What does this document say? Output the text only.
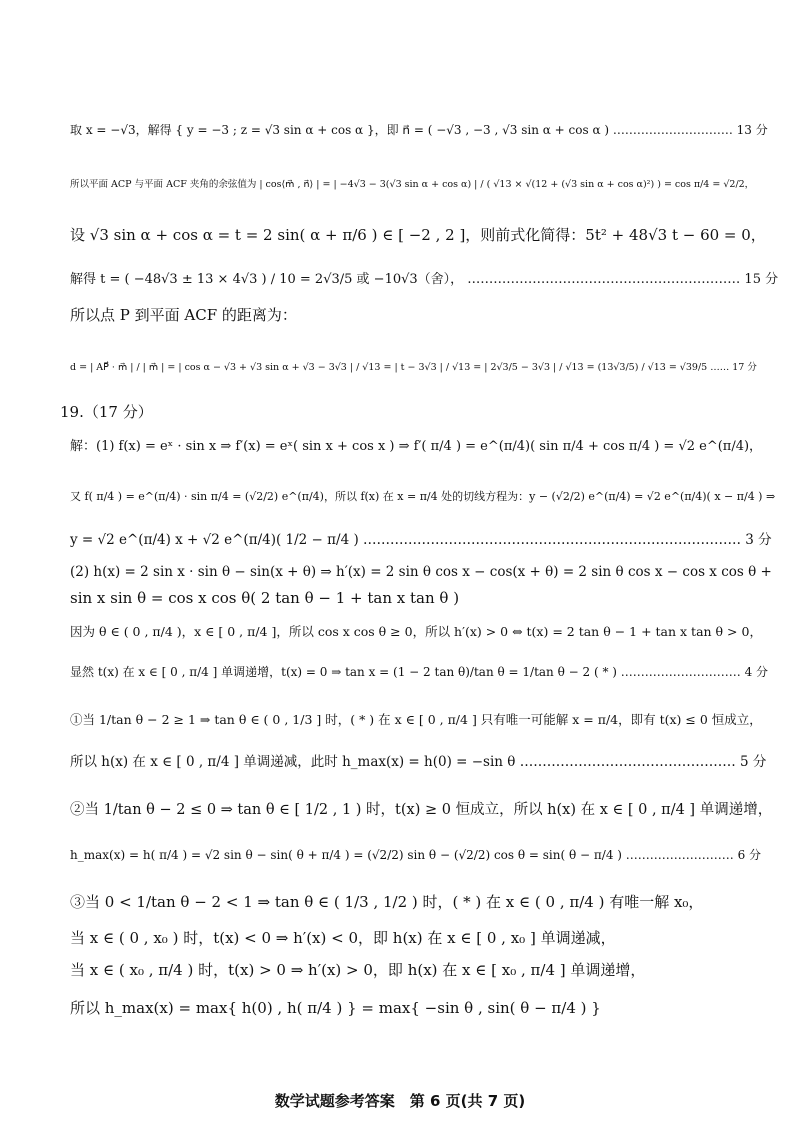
取 x = −√3，解得 { y = −3 ; z = √3 sin α + cos α }，即 n⃗ = ( −√3 , −3 , √3 sin α + cos α ) ………………………… 13 分
所以平面 ACP 与平面 ACF 夹角的余弦值为 | cos⟨m⃗ , n⃗⟩ | = | −4√3 − 3(√3 sin α + cos α) | / ( √13 × √(12 + (√3 sin α + cos α)²) ) = cos π/4 = √2/2，
设 √3 sin α + cos α = t = 2 sin( α + π/6 ) ∈ [ −2 , 2 ]，则前式化简得：5t² + 48√3 t − 60 = 0，
解得 t = ( −48√3 ± 13 × 4√3 ) / 10 = 2√3/5 或 −10√3（舍）， ……………………………………………………… 15 分
所以点 P 到平面 ACF 的距离为：
d = | AP⃗ · m⃗ | / | m⃗ | = | cos α − √3 + √3 sin α + √3 − 3√3 | / √13 = | t − 3√3 | / √13 = | 2√3/5 − 3√3 | / √13 = (13√3/5) / √13 = √39/5 …… 17 分
19.（17 分）
解：(1) f(x) = eˣ · sin x ⇒ f′(x) = eˣ( sin x + cos x ) ⇒ f′( π/4 ) = e^(π/4)( sin π/4 + cos π/4 ) = √2 e^(π/4)，
又 f( π/4 ) = e^(π/4) · sin π/4 = (√2/2) e^(π/4)，所以 f(x) 在 x = π/4 处的切线方程为：y − (√2/2) e^(π/4) = √2 e^(π/4)( x − π/4 ) ⇒
y = √2 e^(π/4) x + √2 e^(π/4)( 1/2 − π/4 ) ………………………………………………………………………… 3 分
(2) h(x) = 2 sin x · sin θ − sin(x + θ) ⇒ h′(x) = 2 sin θ cos x − cos(x + θ) = 2 sin θ cos x − cos x cos θ +
sin x sin θ = cos x cos θ( 2 tan θ − 1 + tan x tan θ )
因为 θ ∈ ( 0 , π/4 )，x ∈ [ 0 , π/4 ]，所以 cos x cos θ ≥ 0，所以 h′(x) > 0 ⇔ t(x) = 2 tan θ − 1 + tan x tan θ > 0，
显然 t(x) 在 x ∈ [ 0 , π/4 ] 单调递增，t(x) = 0 ⇒ tan x = (1 − 2 tan θ)/tan θ = 1/tan θ − 2 ( * ) ………………………… 4 分
①当 1/tan θ − 2 ≥ 1 ⇒ tan θ ∈ ( 0 , 1/3 ] 时，( * ) 在 x ∈ [ 0 , π/4 ] 只有唯一可能解 x = π/4，即有 t(x) ≤ 0 恒成立，
所以 h(x) 在 x ∈ [ 0 , π/4 ] 单调递减，此时 h_max(x) = h(0) = −sin θ ………………………………………… 5 分
②当 1/tan θ − 2 ≤ 0 ⇒ tan θ ∈ [ 1/2 , 1 ) 时，t(x) ≥ 0 恒成立，所以 h(x) 在 x ∈ [ 0 , π/4 ] 单调递增，
h_max(x) = h( π/4 ) = √2 sin θ − sin( θ + π/4 ) = (√2/2) sin θ − (√2/2) cos θ = sin( θ − π/4 ) ……………………… 6 分
③当 0 < 1/tan θ − 2 < 1 ⇒ tan θ ∈ ( 1/3 , 1/2 ) 时，( * ) 在 x ∈ ( 0 , π/4 ) 有唯一解 x₀，
当 x ∈ ( 0 , x₀ ) 时，t(x) < 0 ⇒ h′(x) < 0，即 h(x) 在 x ∈ [ 0 , x₀ ] 单调递减，
当 x ∈ ( x₀ , π/4 ) 时，t(x) > 0 ⇒ h′(x) > 0，即 h(x) 在 x ∈ [ x₀ , π/4 ] 单调递增，
所以 h_max(x) = max{ h(0) , h( π/4 ) } = max{ −sin θ , sin( θ − π/4 ) }
数学试题参考答案　第 6 页(共 7 页)
